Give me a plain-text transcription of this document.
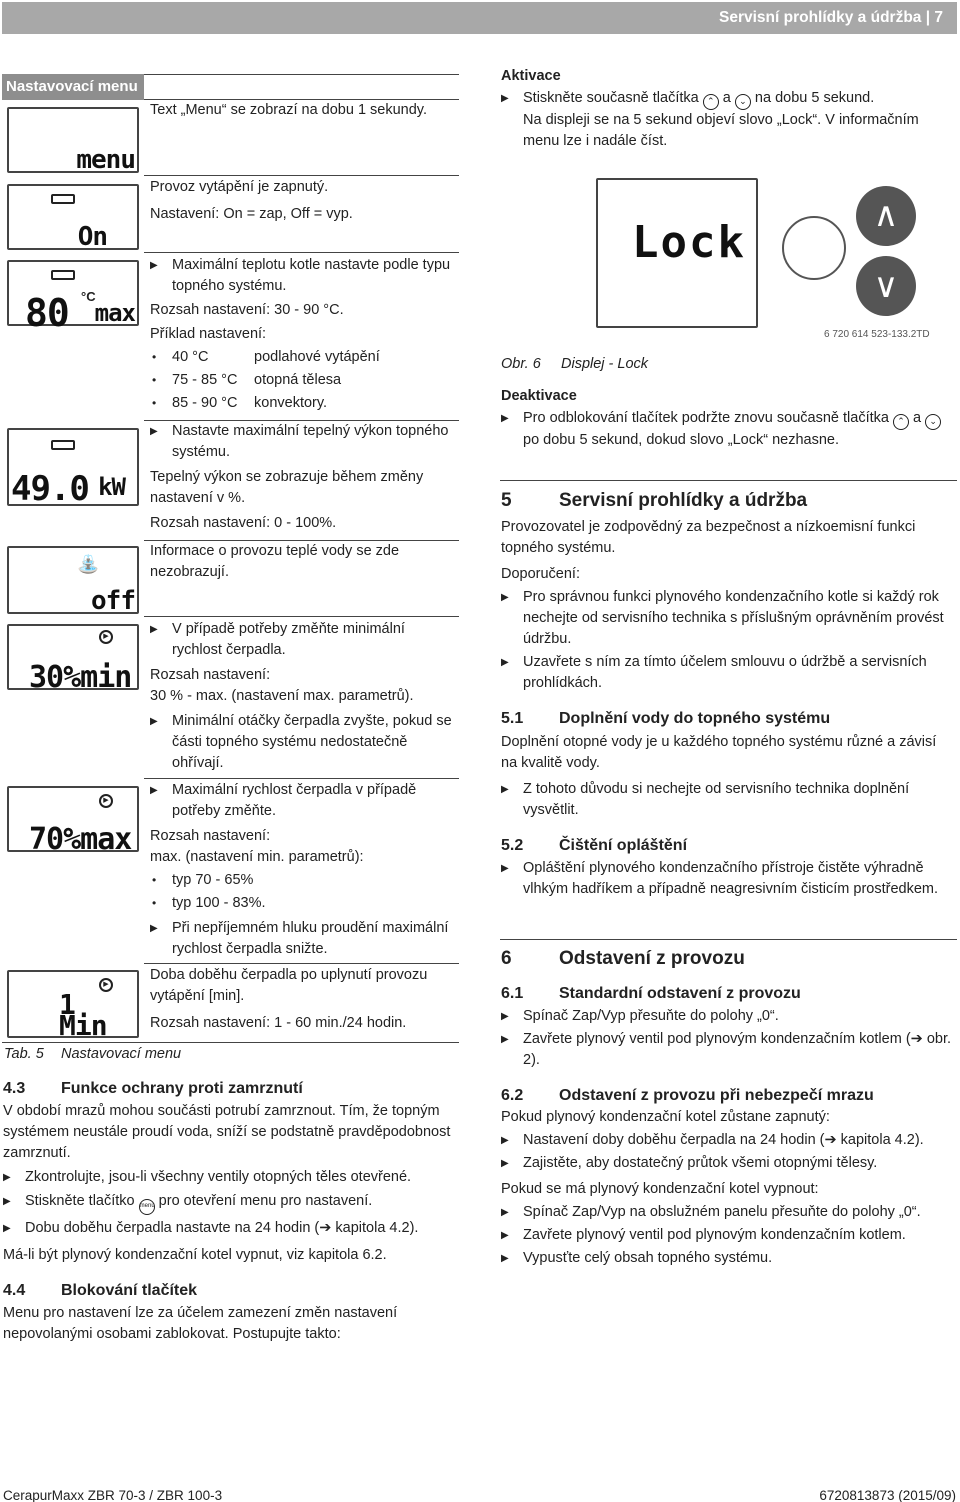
Servisní prohlídky a údržba | 7
Nastavovací menu
menu
On
80 °C
max
49.0 kW
⛲
off
▶
30%min
▶
70%max
▶
1 Min

Text „Menu“ se zobrazí na dobu 1 sekundy.

Provoz vytápění je zapnutý.

Nastavení: On = zap, Off = vyp.

▶ Maximální teplotu kotle nastavte podle typu topného systému.

Rozsah nastavení: 30 - 90 °C.

Příklad nastavení:

• 40 °C	podlahové vytápění

• 75 - 85 °C otopná tělesa

• 85 - 90 °C konvektory.

▶ Nastavte maximální tepelný výkon topného systému.

Tepelný výkon se zobrazuje během změny nastavení v %.

Rozsah nastavení: 0 - 100%.

Informace o provozu teplé vody se zde nezobrazují.

▶ V případě potřeby změňte minimální rychlost čerpadla.

Rozsah nastavení:

30 % - max. (nastavení max. parametrů).

▶ Minimální otáčky čerpadla zvyšte, pokud se části topného systému nedostatečně ohřívají.

▶ Maximální rychlost čerpadla v případě potřeby změňte.

Rozsah nastavení:

max. (nastavení min. parametrů):

• typ 70 - 65%

• typ 100 - 83%.

▶ Při nepříjemném hluku proudění maximální rychlost čerpadla snižte.

Doba doběhu čerpadla po uplynutí provozu vytápění [min].

Rozsah nastavení: 1 - 60 min./24 hodin.

Tab. 5 Nastavovací menu

4.3 Funkce ochrany proti zamrznutí

V období mrazů mohou součásti potrubí zamrznout. Tím, že topným systémem neustále proudí voda, sníží se podstatně pravděpodobnost zamrznutí.

▶ Zkontrolujte, jsou-li všechny ventily otopných těles otevřené.

▶ Stiskněte tlačítko menu pro otevření menu pro nastavení.

▶ Dobu doběhu čerpadla nastavte na 24 hodin (➔ kapitola 4.2).

Má-li být plynový kondenzační kotel vypnut, viz kapitola 6.2.

4.4 Blokování tlačítek

Menu pro nastavení lze za účelem zamezení změn nastavení nepovolanými osobami zablokovat. Postupujte takto:

Aktivace

▶ Stiskněte současně tlačítka ⌃ a ⌄ na dobu 5 sekund.

Na displeji se na 5 sekund objeví slovo „Lock“. V informačním menu lze i nadále číst.

Lock
∧
∨
6 720 614 523-133.2TD
Obr. 6 Displej - Lock

Deaktivace

▶ Pro odblokování tlačítek podržte znovu současně tlačítka ⌃ a ⌄ po dobu 5 sekund, dokud slovo „Lock“ nezhasne.

5 Servisní prohlídky a údržba

Provozovatel je zodpovědný za bezpečnost a nízkoemisní funkci topného systému.

Doporučení:

▶ Pro správnou funkci plynového kondenzačního kotle si každý rok nechejte od servisního technika s příslušným oprávněním provést údržbu.

▶ Uzavřete s ním za tímto účelem smlouvu o údržbě a servisních prohlídkách.

5.1 Doplnění vody do topného systému

Doplnění otopné vody je u každého topného systému různé a závisí na kvalitě vody.

▶ Z tohoto důvodu si nechejte od servisního technika doplnění vysvětlit.

5.2 Čištění opláštění

▶ Opláštění plynového kondenzačního přístroje čistěte výhradně vlhkým hadříkem a případně neagresivním čisticím prostředkem.

6 Odstavení z provozu

6.1 Standardní odstavení z provozu

▶ Spínač Zap/Vyp přesuňte do polohy „0“.

▶ Zavřete plynový ventil pod plynovým kondenzačním kotlem (➔ obr. 2).

6.2 Odstavení z provozu při nebezpečí mrazu

Pokud plynový kondenzační kotel zůstane zapnutý:

▶ Nastavení doby doběhu čerpadla na 24 hodin (➔ kapitola 4.2).

▶ Zajistěte, aby dostatečný průtok všemi otopnými tělesy.

Pokud se má plynový kondenzační kotel vypnout:

▶ Spínač Zap/Vyp na obslužném panelu přesuňte do polohy „0“.

▶ Zavřete plynový ventil pod plynovým kondenzačním kotlem.

▶ Vypusťte celý obsah topného systému.

CerapurMaxx ZBR 70-3 / ZBR 100-3	6720813873 (2015/09)
